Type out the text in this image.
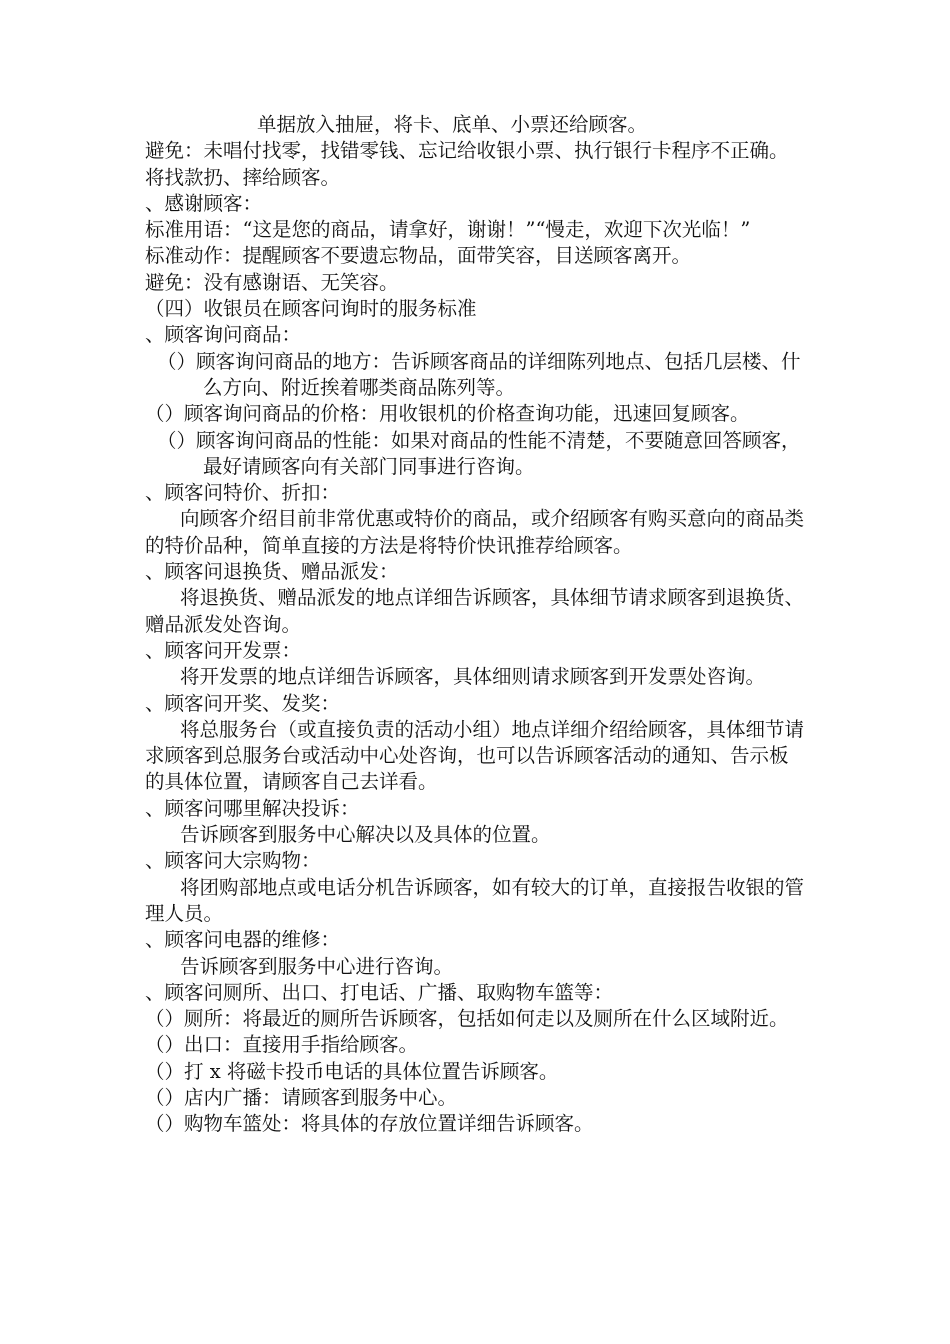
单据放入抽屉，将卡、底单、小票还给顾客。

避免：未唱付找零，找错零钱、忘记给收银小票、执行银行卡程序不正确。将找款扔、摔给顾客。

、感谢顾客：

标准用语：“这是您的商品，请拿好，谢谢！”“慢走，欢迎下次光临！”

标准动作：提醒顾客不要遗忘物品，面带笑容，目送顾客离开。

避免：没有感谢语、无笑容。

（四）收银员在顾客问询时的服务标准

、顾客询问商品：

（）顾客询问商品的地方：告诉顾客商品的详细陈列地点、包括几层楼、什么方向、附近挨着哪类商品陈列等。

（）顾客询问商品的价格：用收银机的价格查询功能，迅速回复顾客。

（）顾客询问商品的性能：如果对商品的性能不清楚，不要随意回答顾客，最好请顾客向有关部门同事进行咨询。

、顾客问特价、折扣：

向顾客介绍目前非常优惠或特价的商品，或介绍顾客有购买意向的商品类的特价品种，简单直接的方法是将特价快讯推荐给顾客。

、顾客问退换货、赠品派发：

将退换货、赠品派发的地点详细告诉顾客，具体细节请求顾客到退换货、赠品派发处咨询。

、顾客问开发票：

将开发票的地点详细告诉顾客，具体细则请求顾客到开发票处咨询。

、顾客问开奖、发奖：

将总服务台（或直接负责的活动小组）地点详细介绍给顾客，具体细节请求顾客到总服务台或活动中心处咨询，也可以告诉顾客活动的通知、告示板的具体位置，请顾客自己去详看。

、顾客问哪里解决投诉：

告诉顾客到服务中心解决以及具体的位置。

、顾客问大宗购物：

将团购部地点或电话分机告诉顾客，如有较大的订单，直接报告收银的管理人员。

、顾客问电器的维修：

告诉顾客到服务中心进行咨询。

、顾客问厕所、出口、打电话、广播、取购物车篮等：

（）厕所：将最近的厕所告诉顾客，包括如何走以及厕所在什么区域附近。

（）出口：直接用手指给顾客。

（）打 x 将磁卡投币电话的具体位置告诉顾客。

（）店内广播：请顾客到服务中心。

（）购物车篮处：将具体的存放位置详细告诉顾客。
